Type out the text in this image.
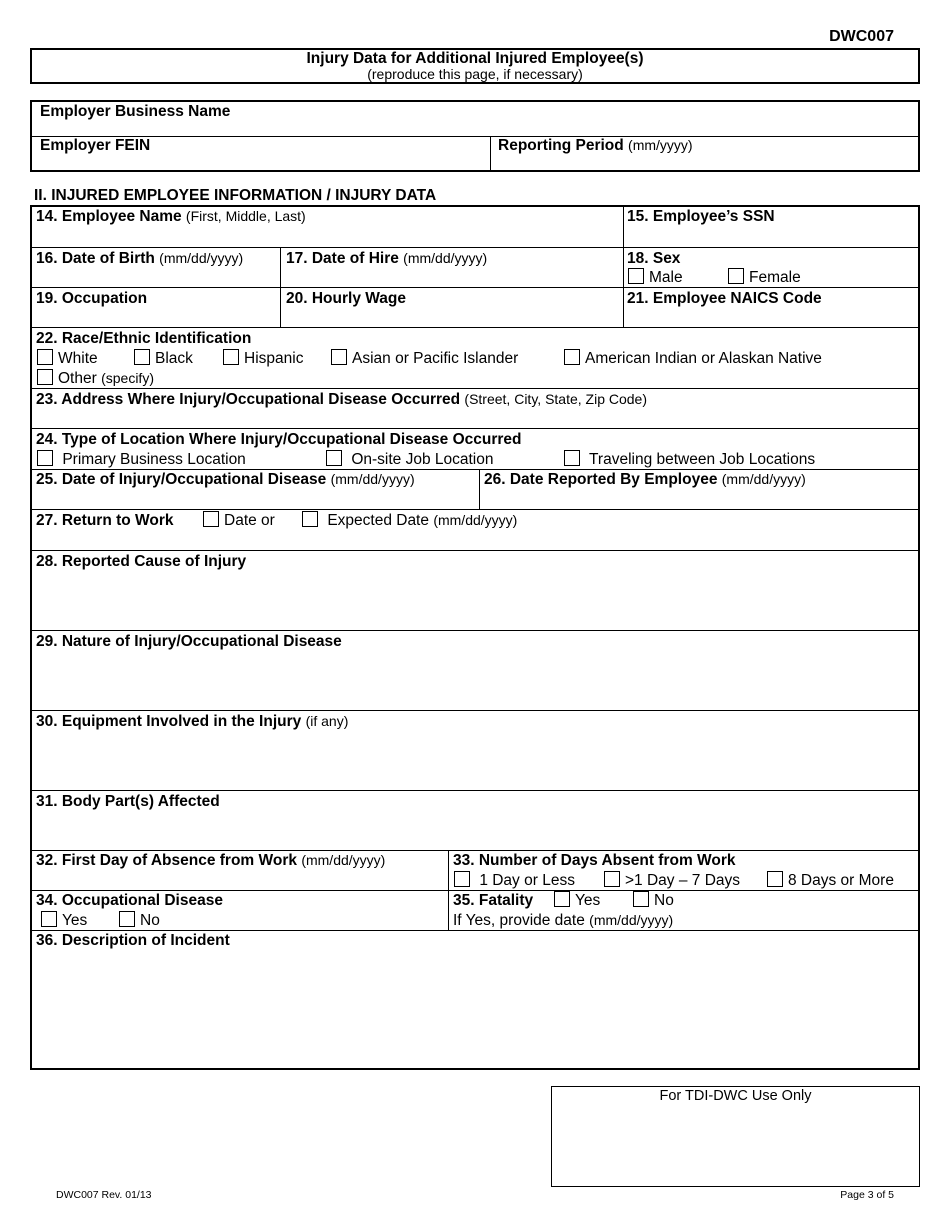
DWC007
Injury Data for Additional Injured Employee(s)
(reproduce this page, if necessary)
Employer Business Name
Employer FEIN	Reporting Period (mm/yyyy)
II. INJURED EMPLOYEE INFORMATION / INJURY DATA
14. Employee Name (First, Middle, Last)	15. Employee’s SSN
16. Date of Birth (mm/dd/yyyy)	17. Date of Hire (mm/dd/yyyy)	18. Sex
Male	Female
19. Occupation	20. Hourly Wage	21. Employee NAICS Code
22. Race/Ethnic Identification
White	Black	Hispanic	Asian or Pacific Islander	American Indian or Alaskan Native
Other (specify)
23. Address Where Injury/Occupational Disease Occurred (Street, City, State, Zip Code)
24. Type of Location Where Injury/Occupational Disease Occurred
Primary Business Location	On-site Job Location	Traveling between Job Locations
25. Date of Injury/Occupational Disease (mm/dd/yyyy)	26. Date Reported By Employee (mm/dd/yyyy)
27. Return to Work	Date or	Expected Date (mm/dd/yyyy)
28. Reported Cause of Injury
29. Nature of Injury/Occupational Disease
30. Equipment Involved in the Injury (if any)
31. Body Part(s) Affected
32. First Day of Absence from Work (mm/dd/yyyy)	33. Number of Days Absent from Work
1 Day or Less	>1 Day – 7 Days	8 Days or More
34. Occupational Disease
Yes	No
35. Fatality	Yes	No
If Yes, provide date (mm/dd/yyyy)
36. Description of Incident
For TDI-DWC Use Only
DWC007 Rev. 01/13	Page 3 of 5
